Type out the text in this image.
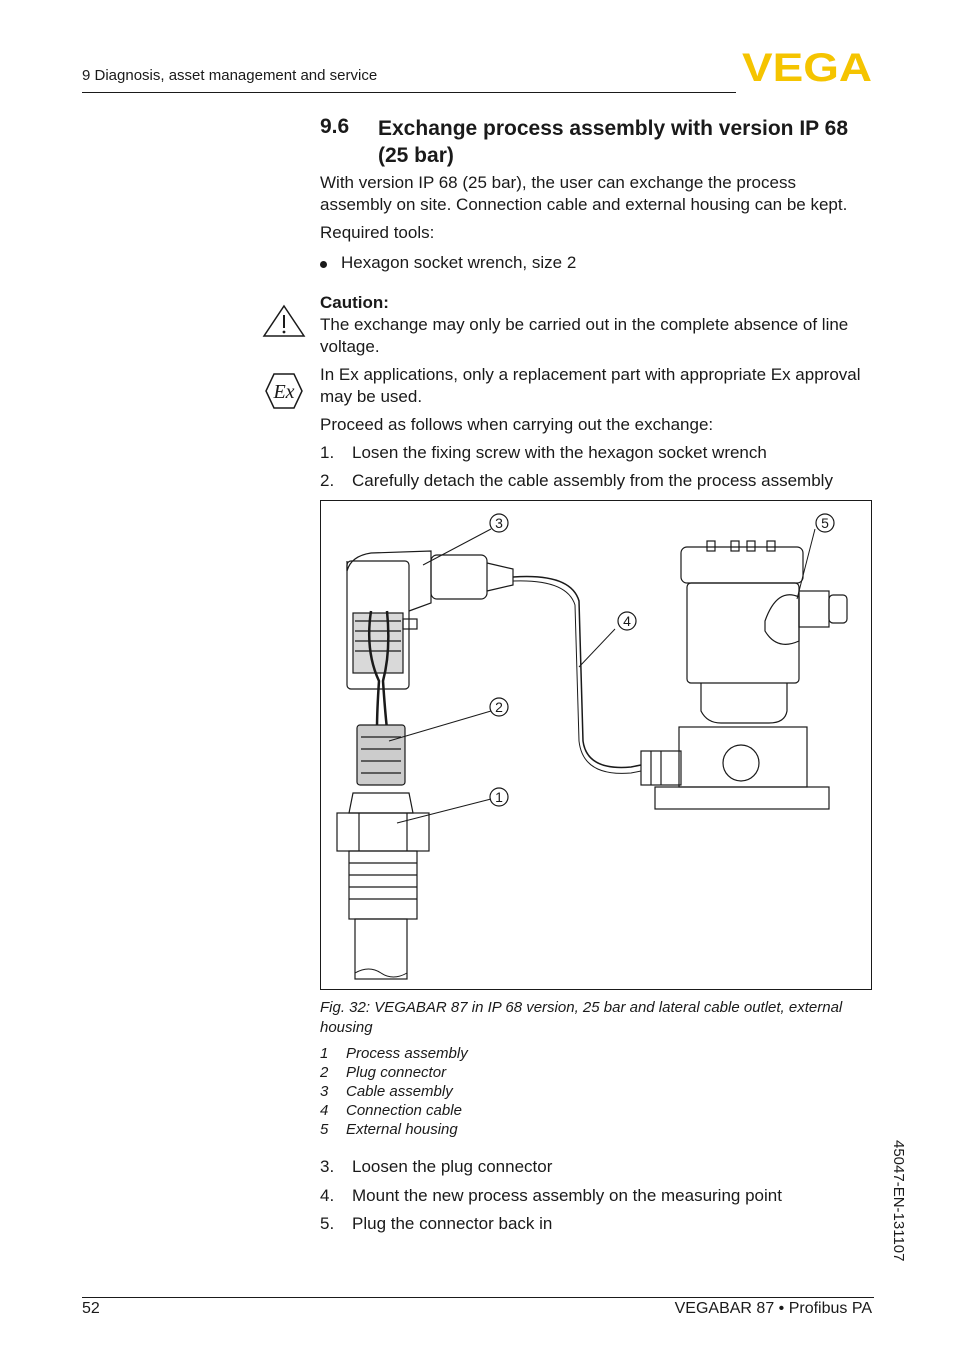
9 Diagnosis, asset management and service	VEGA
9.6 Exchange process assembly with version IP 68 (25 bar)
With version IP 68 (25 bar), the user can exchange the process assembly on site. Connection cable and external housing can be kept.
Required tools:
Hexagon socket wrench, size 2
Caution:
The exchange may only be carried out in the complete absence of line voltage.
Ex
In Ex applications, only a replacement part with appropriate Ex approval may be used.
Proceed as follows when carrying out the exchange:
1. Losen the fixing screw with the hexagon socket wrench
2. Carefully detach the cable assembly from the process assembly
3	5
4
2
1
Fig. 32: VEGABAR 87 in IP 68 version, 25 bar and lateral cable outlet, external housing
1 Process assembly
2 Plug connector
3 Cable assembly
4 Connection cable
5 External housing
3. Loosen the plug connector
4. Mount the new process assembly on the measuring point
5. Plug the connector back in	45047-EN-131107
52	VEGABAR 87 • Profibus PA
